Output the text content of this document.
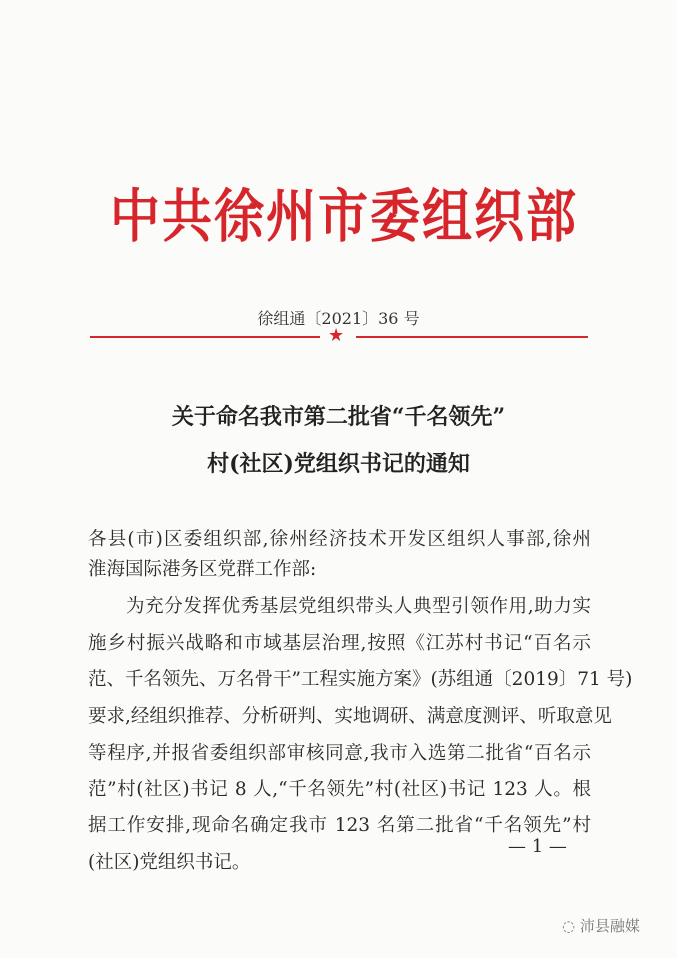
中共徐州市委组织部
徐组通〔2021〕36 号
★
关于命名我市第二批省“千名领先”
村(社区)党组织书记的通知
各县(市)区委组织部,徐州经济技术开发区组织人事部,徐州
淮海国际港务区党群工作部:
为充分发挥优秀基层党组织带头人典型引领作用,助力实
施乡村振兴战略和市域基层治理,按照《江苏村书记“百名示
范、千名领先、万名骨干”工程实施方案》(苏组通〔2019〕71 号)
要求,经组织推荐、分析研判、实地调研、满意度测评、听取意见
等程序,并报省委组织部审核同意,我市入选第二批省“百名示
范”村(社区)书记 8 人,“千名领先”村(社区)书记 123 人。根
据工作安排,现命名确定我市 123 名第二批省“千名领先”村
(社区)党组织书记。
— 1 —
◌ 沛县融媒
